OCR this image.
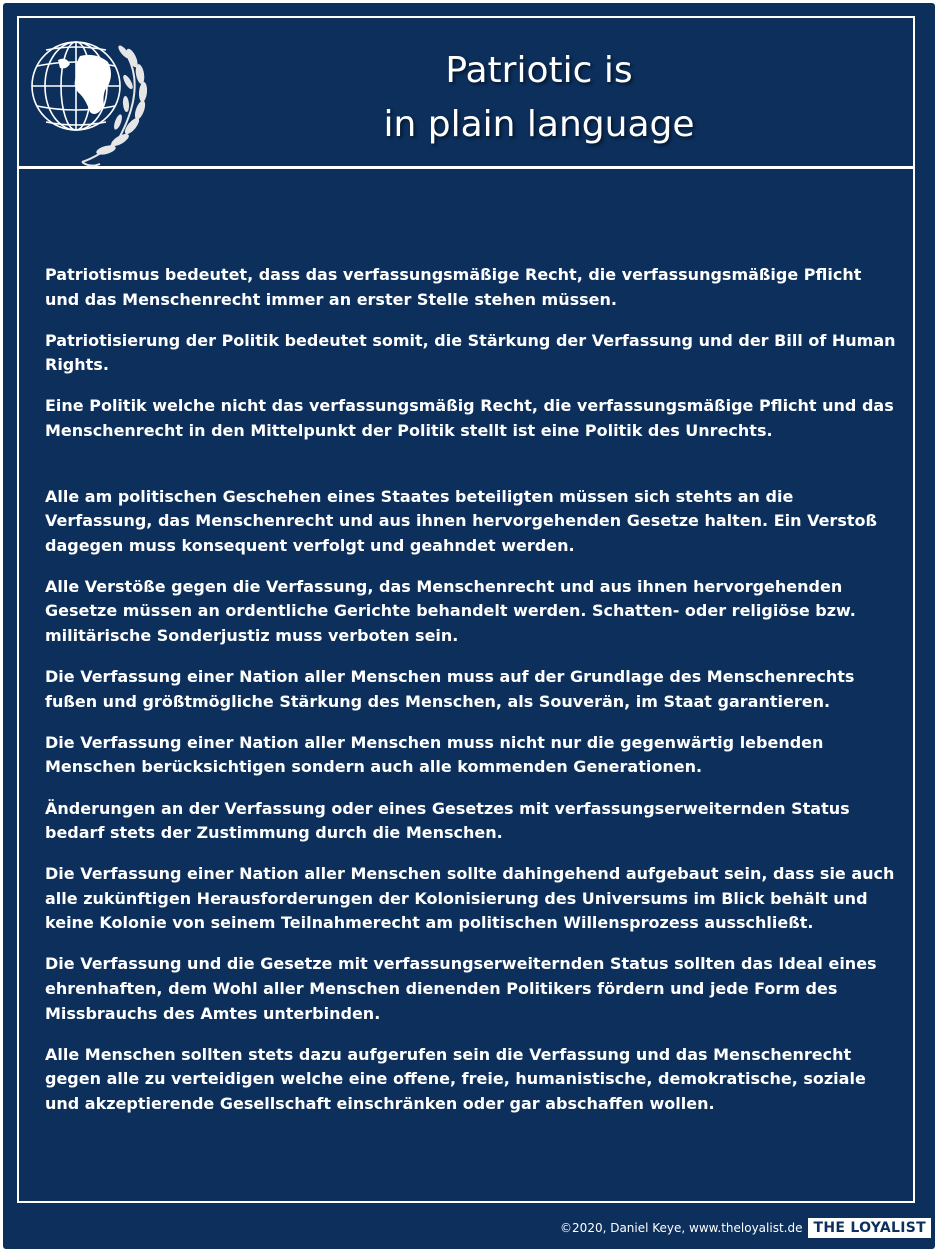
Patriotic is
in plain language

Patriotismus bedeutet, dass das verfassungsmäßige Recht, die verfassungsmäßige Pflicht und das Menschenrecht immer an erster Stelle stehen müssen.

Patriotisierung der Politik bedeutet somit, die Stärkung der Verfassung und der Bill of Human Rights.

Eine Politik welche nicht das verfassungsmäßig Recht, die verfassungsmäßige Pflicht und das Menschenrecht in den Mittelpunkt der Politik stellt ist eine Politik des Unrechts.

Alle am politischen Geschehen eines Staates beteiligten müssen sich stehts an die Verfassung, das Menschenrecht und aus ihnen hervorgehenden Gesetze halten. Ein Verstoß dagegen muss konsequent verfolgt und geahndet werden.

Alle Verstöße gegen die Verfassung, das Menschenrecht und aus ihnen hervorgehenden Gesetze müssen an ordentliche Gerichte behandelt werden. Schatten- oder religiöse bzw. militärische Sonderjustiz muss verboten sein.

Die Verfassung einer Nation aller Menschen muss auf der Grundlage des Menschenrechts fußen und größtmögliche Stärkung des Menschen, als Souverän, im Staat garantieren.

Die Verfassung einer Nation aller Menschen muss nicht nur die gegenwärtig lebenden Menschen berücksichtigen sondern auch alle kommenden Generationen.

Änderungen an der Verfassung oder eines Gesetzes mit verfassungserweiternden Status bedarf stets der Zustimmung durch die Menschen.

Die Verfassung einer Nation aller Menschen sollte dahingehend aufgebaut sein, dass sie auch alle zukünftigen Herausforderungen der Kolonisierung des Universums im Blick behält und keine Kolonie von seinem Teilnahmerecht am politischen Willensprozess ausschließt.

Die Verfassung und die Gesetze mit verfassungserweiternden Status sollten das Ideal eines ehrenhaften, dem Wohl aller Menschen dienenden Politikers fördern und jede Form des Missbrauchs des Amtes unterbinden.

Alle Menschen sollten stets dazu aufgerufen sein die Verfassung und das Menschenrecht gegen alle zu verteidigen welche eine offene, freie, humanistische, demokratische, soziale und akzeptierende Gesellschaft einschränken oder gar abschaffen wollen.

©2020, Daniel Keye, www.theloyalist.de THE LOYALIST
